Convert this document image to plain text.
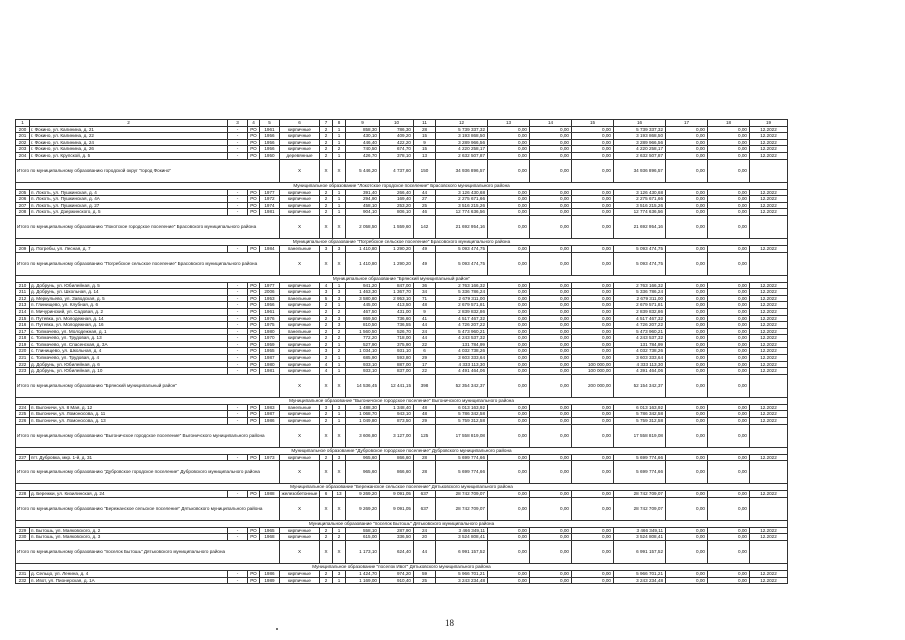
1	2	3	4	5	6	7	8	9	10	11	12	13	14	15	16	17	18	19
200	г. Фокино, ул. Калинина, д. 21	-	РО	1961	кирпичные	2	1	858,30	786,30	28	5 739 337,32	0,00	0,00	0,00	5 739 337,32	0,00	0,00	12.2022
201	г. Фокино, ул. Калинина, д. 22	-	РО	1956	кирпичные	2	1	430,10	409,20	15	3 193 868,50	0,00	0,00	0,00	3 193 868,50	0,00	0,00	12.2022
202	г. Фокино, ул. Калинина, д. 24	-	РО	1956	кирпичные	2	1	446,40	422,20	9	3 289 966,56	0,00	0,00	0,00	3 289 966,56	0,00	0,00	12.2022
203	г. Фокино, ул. Калинина, д. 26	-	РО	1956	кирпичные	2	2	740,50	674,70	15	4 220 258,17	0,00	0,00	0,00	4 220 258,17	0,00	0,00	12.2022
204	г. Фокино, ул. Крупской, д. 5	-	РО	1950	деревянные	2	1	426,70	378,10	13	2 632 507,87	0,00	0,00	0,00	2 632 507,87	0,00	0,00	12.2022
Итого по муниципальному образованию городской округ "город Фокино"					X	X	X	5 446,20	4 737,60	150	34 936 896,57	0,00	0,00	0,00	34 936 896,57	0,00	0,00	
Муниципальное образование "Локотское городское поселение" Брасовского муниципального района																		
205	п. Локоть, ул. Пушкинская, д. 4	-	РО	1977	кирпичные	2	1	391,40	266,40	44	3 126 430,68	0,00	0,00	0,00	3 126 430,68	0,00	0,00	12.2022
206	п. Локоть, ул. Пушкинская, д. 4А	-	РО	1972	кирпичные	2	1	294,90	169,40	27	2 275 671,66	0,00	0,00	0,00	2 275 671,66	0,00	0,00	12.2022
207	п. Локоть, ул. Пушкинская, д. 27	-	РО	1974	кирпичные	2	1	458,10	253,20	25	3 516 215,26	0,00	0,00	0,00	3 516 215,26	0,00	0,00	12.2022
208	п. Локоть, ул. Дзержинского, д. 5	-	РО	1981	кирпичные	2	1	904,10	806,10	46	12 774 636,56	0,00	0,00	0,00	12 774 636,56	0,00	0,00	12.2022
Итого по муниципальному образованию "Локотское городское поселение" Брасовского муниципального района					X	X	X	2 058,50	1 559,60	142	21 692 954,16	0,00	0,00	0,00	21 692 954,16	0,00	0,00	
Муниципальное образование "Погребское сельское поселение" Брасовского муниципального района																		
209	д. Погребы, ул. Лесная, д. 7	-	РО	1984	панельные	3	3	1 410,80	1 290,20	49	5 093 474,75	0,00	0,00	0,00	5 093 474,75	0,00	0,00	12.2022
Итого по муниципальному образованию "Погребское сельское поселение" Брасовского муниципального района					X	X	X	1 410,80	1 290,20	49	5 093 474,75	0,00	0,00	0,00	5 093 474,75	0,00	0,00	
Муниципальное образование "Брянский муниципальный район"																		
210	д. Добрунь, ул. Юбилейная, д. 5	-	РО	1977	кирпичные	4	1	941,20	847,00	36	2 763 166,32	0,00	0,00	0,00	2 763 166,32	0,00	0,00	12.2022
211	д. Добрунь, ул. Школьная, д. 14	-	РО	2006	кирпичные	3	3	1 463,30	1 367,70	34	5 336 786,24	0,00	0,00	0,00	5 336 786,24	0,00	0,00	12.2022
212	д. Меркульево, ул. Заводская, д. 5	-	РО	1953	панельные	5	3	3 580,80	2 953,10	71	2 679 311,00	0,00	0,00	0,00	2 679 311,00	0,00	0,00	12.2022
213	п. Глинищево, ул. Клубная, д. 6	-	РО	1956	кирпичные	2	1	445,00	413,50	48	2 679 571,81	0,00	0,00	0,00	2 679 571,81	0,00	0,00	12.2022
214	п. Мичуринский, ул. Садовая, д. 2	-	РО	1961	кирпичные	2	2	467,50	431,00	9	2 839 832,86	0,00	0,00	0,00	2 839 832,86	0,00	0,00	12.2022
215	п. Путевка, ул. Молодежная, д. 14	-	РО	1976	кирпичные	2	3	869,50	736,60	41	4 517 467,32	0,00	0,00	0,00	4 517 467,32	0,00	0,00	12.2022
216	п. Путевка, ул. Молодежная, д. 16	-	РО	1975	кирпичные	2	3	810,50	736,55	44	4 726 207,22	0,00	0,00	0,00	4 726 207,22	0,00	0,00	12.2022
217	с. Толмачево, ул. Молодежная, д. 1	-	РО	1980	панельные	2	2	1 560,50	526,70	24	5 473 960,21	0,00	0,00	0,00	5 473 960,21	0,00	0,00	12.2022
218	с. Толмачево, ул. Трудовая, д. 13	-	РО	1970	кирпичные	2	2	772,20	718,00	44	4 243 537,32	0,00	0,00	0,00	4 243 537,32	0,00	0,00	12.2022
219	с. Толмачево, ул. Спасенская, д. 3А	-	РО	1959	кирпичные	2	1	527,90	375,90	22	131 784,99	0,00	0,00	0,00	131 784,99	0,00	0,00	12.2022
220	с. Глинищево, ул. Школьная, д. 4	-	РО	1955	кирпичные	3	2	1 034,10	931,10	6	4 032 738,26	0,00	0,00	0,00	4 032 738,26	0,00	0,00	12.2022
221	с. Толмачево, ул. Трудовая, д. 4	-	РО	1987	кирпичные	2	1	685,90	593,80	29	3 603 333,64	0,00	0,00	0,00	3 603 333,64	0,00	0,00	12.2022
222	д. Добрунь, ул. Юбилейная, д. 6	-	РО	1980	кирпичные	4	1	933,10	887,00	17	4 333 113,30	0,00	0,00	100 000,00	4 333 113,30	0,00	0,00	12.2022
223	д. Добрунь, ул. Юбилейная, д. 10	-	РО	1981	кирпичные	4	1	933,10	837,00	22	4 491 464,06	0,00	0,00	100 000,00	4 391 464,06	0,00	0,00	12.2022
Итого по муниципальному образованию "Брянский муниципальный район"					X	X	X	14 536,45	12 441,15	398	52 354 342,37	0,00	0,00	200 000,00	52 154 342,37	0,00	0,00	
Муниципальное образование "Выгоничское городское поселение" Выгоничского муниципального района																		
224	п. Выгоничи, ул. 8 Мая, д. 12	-	РО	1983	панельные	3	3	1 488,30	1 348,40	48	6 013 163,92	0,00	0,00	0,00	6 013 163,92	0,00	0,00	12.2022
225	п. Выгоничи, ул. Ломоносова, д. 11	-	РО	1987	кирпичные	2	1	1 068,70	943,10	48	5 786 342,58	0,00	0,00	0,00	5 786 342,58	0,00	0,00	12.2022
226	п. Выгоничи, ул. Ломоносова, д. 13	-	РО	1986	кирпичные	2	1	1 049,80	873,50	29	5 759 312,58	0,00	0,00	0,00	5 759 312,58	0,00	0,00	12.2022
Итого по муниципальному образованию "Выгоничское городское поселение" Выгоничского муниципального района					X	X	X	3 606,80	3 127,00	125	17 558 819,08	0,00	0,00	0,00	17 558 819,08	0,00	0,00	
Муниципальное образование "Дубровское городское поселение" Дубровского муниципального района																		
227	пгт. Дубровка, мкр. 1-й, д. 31	-	РО	1973	кирпичные	2	3	965,60	866,60	28	5 699 774,66	0,00	0,00	0,00	5 699 774,66	0,00	0,00	12.2022
Итого по муниципальному образованию "Дубровское городское поселение" Дубровского муниципального района					X	X	X	965,60	866,60	28	5 699 774,66	0,00	0,00	0,00	5 699 774,66	0,00	0,00	
Муниципальное образование "Бережанское сельское поселение" Дятьковского муниципального района																		
228	д. Бережки, ул. Кизилинская, д. 24	-	РО	1988	железобетонные	6	13	9 269,20	9 091,05	637	28 742 709,07	0,00	0,00	0,00	28 742 709,07	0,00	0,00	12.2022
Итого по муниципальному образованию "Бережанское сельское поселение" Дятьковского муниципального района					X	X	X	9 269,20	9 091,05	637	28 742 709,07	0,00	0,00	0,00	28 742 709,07	0,00	0,00	
Муниципальное образование "поселок Бытошь" Дятьковского муниципального района																		
229	п. Бытошь, ул. Маяковского, д. 2	-	РО	1965	кирпичные	2	1	558,10	287,90	24	3 466 349,11	0,00	0,00	0,00	3 466 349,11	0,00	0,00	12.2022
230	п. Бытошь, ул. Маяковского, д. 3	-	РО	1968	кирпичные	2	2	615,00	336,50	20	3 524 808,41	0,00	0,00	0,00	3 524 808,41	0,00	0,00	12.2022
Итого по муниципальному образованию "поселок Бытошь" Дятьковского муниципального района					X	X	X	1 173,10	624,40	44	6 991 157,52	0,00	0,00	0,00	6 991 157,52	0,00	0,00	
Муниципальное образование "поселок Ивот" Дятьковского муниципального района																		
231	д. Сельцо, ул. Ленина, д. 4	-	РО	1986	кирпичные	2	3	1 424,70	974,20	59	5 966 701,21	0,00	0,00	0,00	5 966 701,21	0,00	0,00	12.2022
232	п. Ивот, ул. Пионерская, д. 1А	-	РО	1989	кирпичные	2	1	1 169,00	910,40	25	3 243 234,48	0,00	0,00	0,00	3 243 234,48	0,00	0,00	12.2022
18
